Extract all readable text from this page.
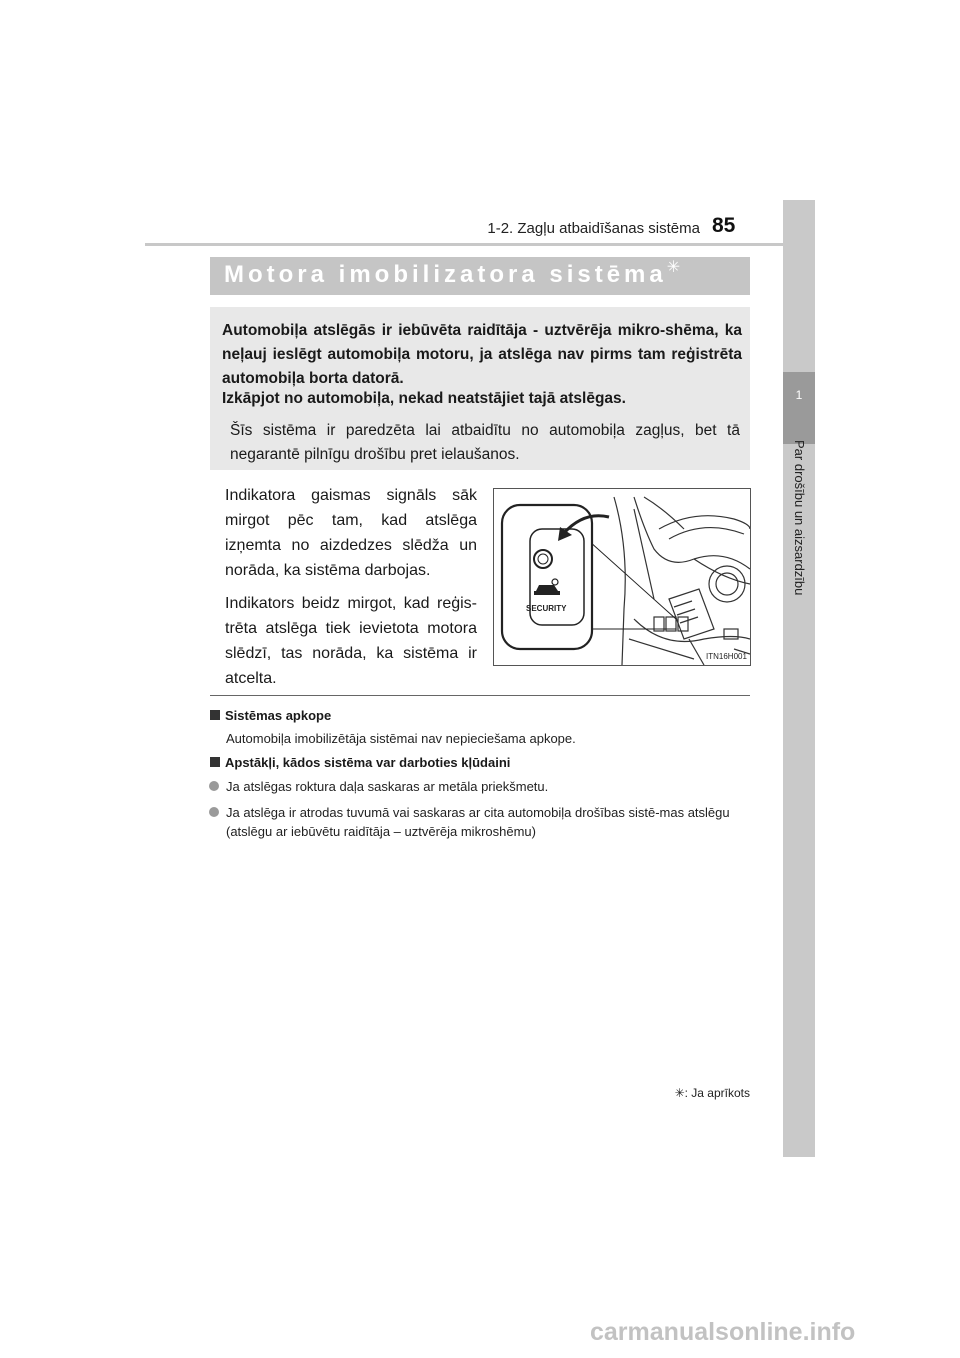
1-2. Zagļu atbaidīšanas sistēma 85
1
Par drošību un aizsardzību
Motora imobilizatora sistēma✳
Automobiļa atslēgās ir iebūvēta raidītāja - uztvērēja mikro-shēma, ka neļauj ieslēgt automobiļa motoru, ja atslēga nav pirms tam reģistrēta automobiļa borta datorā.
Izkāpjot no automobiļa, nekad neatstājiet tajā atslēgas.
Šīs sistēma ir paredzēta lai atbaidītu no automobiļa zagļus, bet tā negarantē pilnīgu drošību pret ielaušanos.

Indikatora gaismas signāls sāk mirgot pēc tam, kad atslēga izņemta no aizdedzes slēdža un norāda, ka sistēma darbojas.

Indikators beidz mirgot, kad reģis-trēta atslēga tiek ievietota motora slēdzī, tas norāda, ka sistēma ir atcelta.

SECURITY
ITN16H001
Sistēmas apkope
Automobiļa imobilizētāja sistēmai nav nepieciešama apkope.
Apstākļi, kādos sistēma var darboties kļūdaini
Ja atslēgas roktura daļa saskaras ar metāla priekšmetu.
Ja atslēga ir atrodas tuvumā vai saskaras ar cita automobiļa drošības sistē-mas atslēgu (atslēgu ar iebūvētu raidītāja – uztvērēja mikroshēmu)
✳: Ja aprīkots
carmanualsonline.info
